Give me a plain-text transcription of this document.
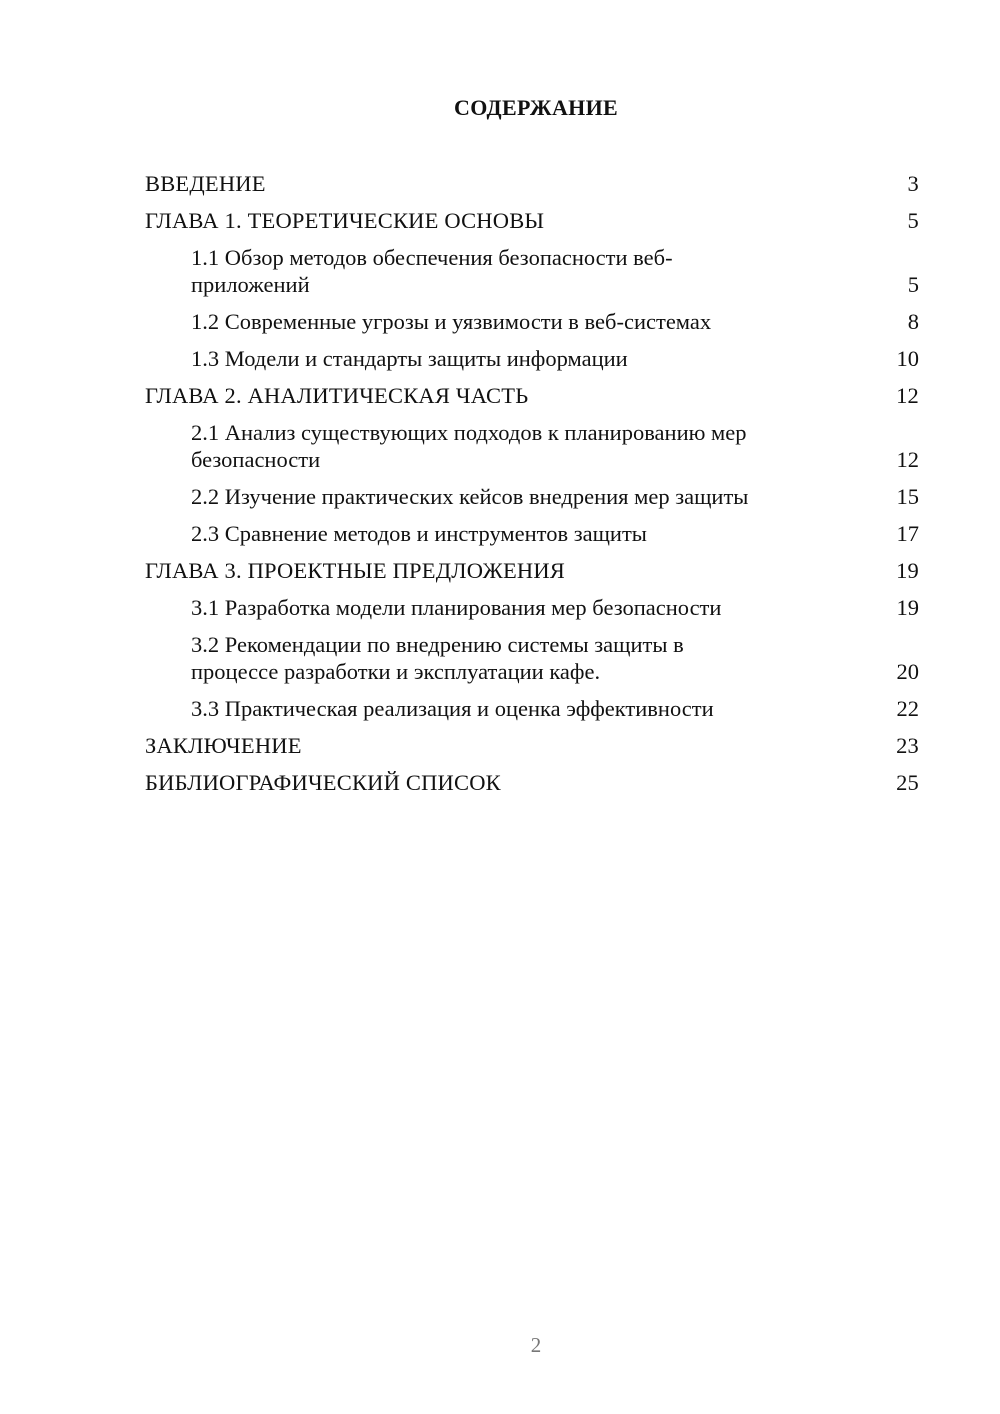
СОДЕРЖАНИЕ
ВВЕДЕНИЕ	3
ГЛАВА 1. ТЕОРЕТИЧЕСКИЕ ОСНОВЫ	5
1.1 Обзор методов обеспечения безопасности веб-приложений	5
1.2 Современные угрозы и уязвимости в веб-системах	8
1.3 Модели и стандарты защиты информации	10
ГЛАВА 2. АНАЛИТИЧЕСКАЯ ЧАСТЬ	12
2.1 Анализ существующих подходов к планированию мер безопасности	12
2.2 Изучение практических кейсов внедрения мер защиты	15
2.3 Сравнение методов и инструментов защиты	17
ГЛАВА 3. ПРОЕКТНЫЕ ПРЕДЛОЖЕНИЯ	19
3.1 Разработка модели планирования мер безопасности	19
3.2 Рекомендации по внедрению системы защиты в процессе разработки и эксплуатации кафе.	20
3.3 Практическая реализация и оценка эффективности	22
ЗАКЛЮЧЕНИЕ	23
БИБЛИОГРАФИЧЕСКИЙ СПИСОК	25
2
